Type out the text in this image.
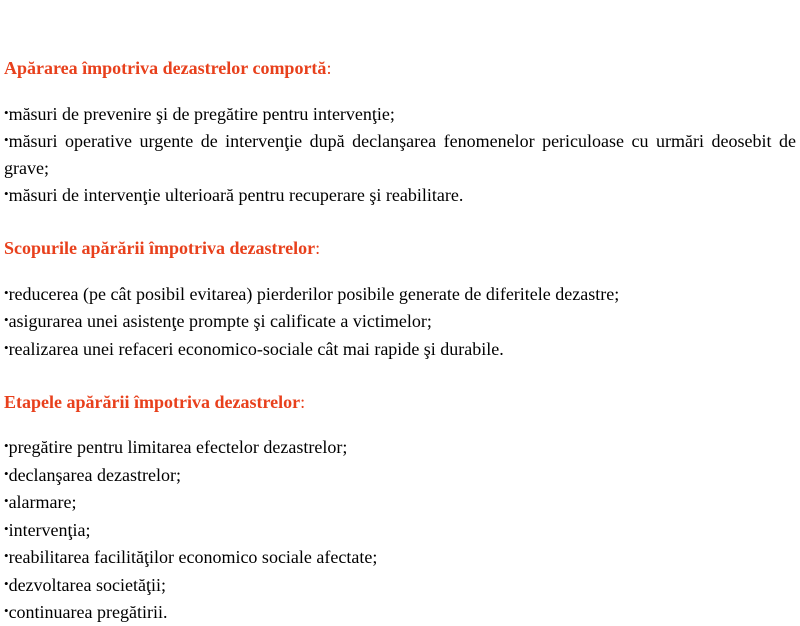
Apărarea împotriva dezastrelor comportă:

•măsuri de prevenire şi de pregătire pentru intervenţie;

•măsuri operative urgente de intervenţie după declanşarea fenomenelor periculoase cu urmări deosebit de grave;

•măsuri de intervenţie ulterioară pentru recuperare şi reabilitare.

Scopurile apărării împotriva dezastrelor:

•reducerea (pe cât posibil evitarea) pierderilor posibile generate de diferitele dezastre;

•asigurarea unei asistenţe prompte şi calificate a victimelor;

•realizarea unei refaceri economico-sociale cât mai rapide şi durabile.

Etapele apărării împotriva dezastrelor:

•pregătire pentru limitarea efectelor dezastrelor;

•declanşarea dezastrelor;

•alarmare;

•intervenţia;

•reabilitarea facilităţilor economico sociale afectate;

•dezvoltarea societăţii;

•continuarea pregătirii.
